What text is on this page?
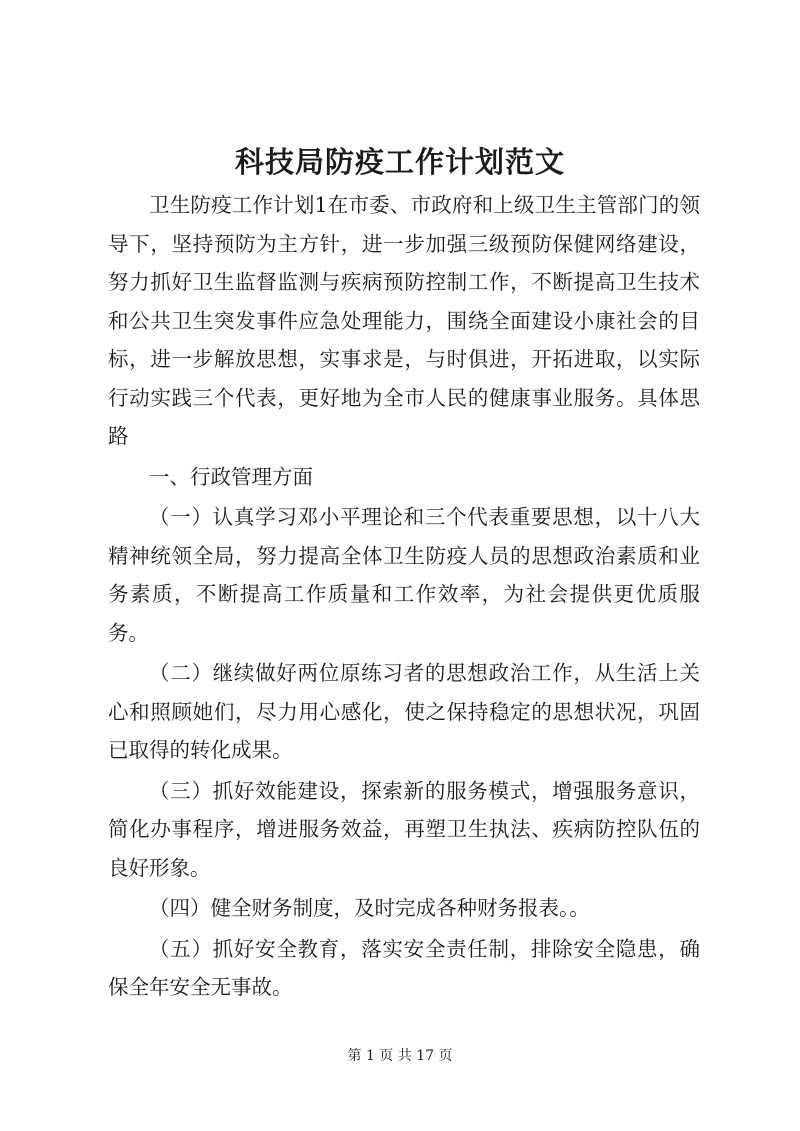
科技局防疫工作计划范文

卫生防疫工作计划1在市委、市政府和上级卫生主管部门的领导下，坚持预防为主方针，进一步加强三级预防保健网络建设，努力抓好卫生监督监测与疾病预防控制工作，不断提高卫生技术和公共卫生突发事件应急处理能力，围绕全面建设小康社会的目标，进一步解放思想，实事求是，与时俱进，开拓进取，以实际行动实践三个代表，更好地为全市人民的健康事业服务。具体思路

一、行政管理方面

（一）认真学习邓小平理论和三个代表重要思想，以十八大精神统领全局，努力提高全体卫生防疫人员的思想政治素质和业务素质，不断提高工作质量和工作效率，为社会提供更优质服务。

（二）继续做好两位原练习者的思想政治工作，从生活上关心和照顾她们，尽力用心感化，使之保持稳定的思想状况，巩固已取得的转化成果。

（三）抓好效能建设，探索新的服务模式，增强服务意识，简化办事程序，增进服务效益，再塑卫生执法、疾病防控队伍的良好形象。

（四）健全财务制度，及时完成各种财务报表。。

（五）抓好安全教育，落实安全责任制，排除安全隐患，确保全年安全无事故。

第 1 页 共 17 页
